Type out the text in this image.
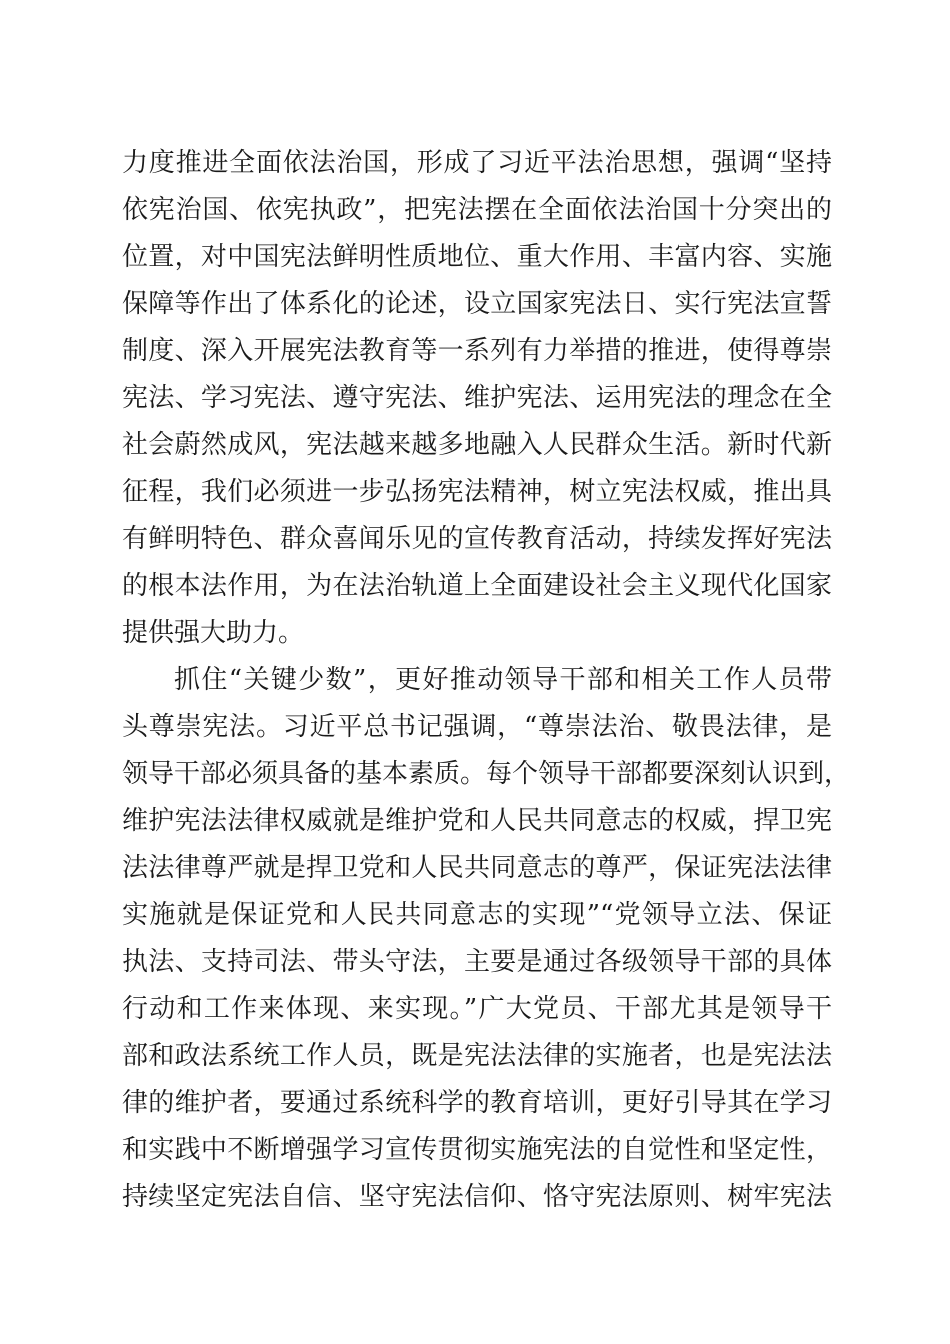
力度推进全面依法治国，形成了习近平法治思想，强调“坚持
依宪治国、依宪执政”，把宪法摆在全面依法治国十分突出的
位置，对中国宪法鲜明性质地位、重大作用、丰富内容、实施
保障等作出了体系化的论述，设立国家宪法日、实行宪法宣誓
制度、深入开展宪法教育等一系列有力举措的推进，使得尊崇
宪法、学习宪法、遵守宪法、维护宪法、运用宪法的理念在全
社会蔚然成风，宪法越来越多地融入人民群众生活。新时代新
征程，我们必须进一步弘扬宪法精神，树立宪法权威，推出具
有鲜明特色、群众喜闻乐见的宣传教育活动，持续发挥好宪法
的根本法作用，为在法治轨道上全面建设社会主义现代化国家
提供强大助力。
抓住“关键少数”，更好推动领导干部和相关工作人员带
头尊崇宪法。习近平总书记强调，“尊崇法治、敬畏法律，是
领导干部必须具备的基本素质。每个领导干部都要深刻认识到，
维护宪法法律权威就是维护党和人民共同意志的权威，捍卫宪
法法律尊严就是捍卫党和人民共同意志的尊严，保证宪法法律
实施就是保证党和人民共同意志的实现”“党领导立法、保证
执法、支持司法、带头守法，主要是通过各级领导干部的具体
行动和工作来体现、来实现。”广大党员、干部尤其是领导干
部和政法系统工作人员，既是宪法法律的实施者，也是宪法法
律的维护者，要通过系统科学的教育培训，更好引导其在学习
和实践中不断增强学习宣传贯彻实施宪法的自觉性和坚定性，
持续坚定宪法自信、坚守宪法信仰、恪守宪法原则、树牢宪法
